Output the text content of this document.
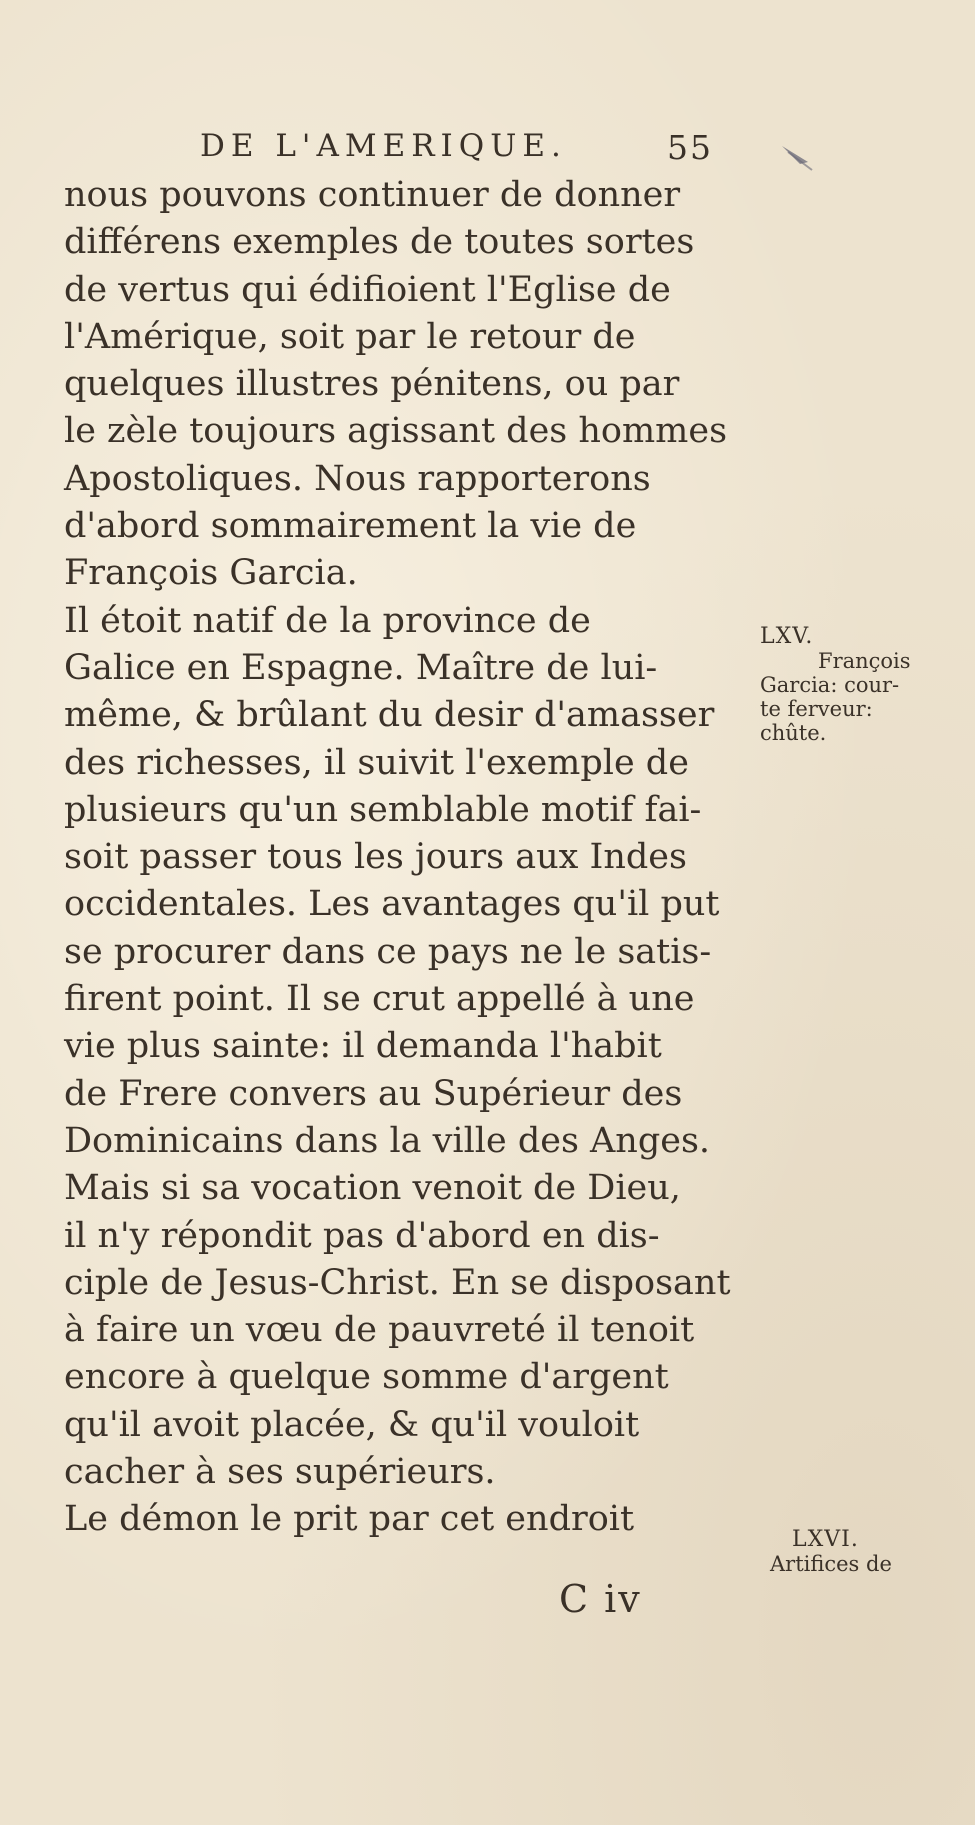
DE L'AMERIQUE.	55
nous pouvons continuer de donner
différens exemples de toutes sortes
de vertus qui édifioient l'Eglise de
l'Amérique, soit par le retour de
quelques illustres pénitens, ou par
le zèle toujours agissant des hommes
Apostoliques. Nous rapporterons
d'abord sommairement la vie de
François Garcia.
Il étoit natif de la province de
Galice en Espagne. Maître de lui-
même, & brûlant du desir d'amasser
des richesses, il suivit l'exemple de
plusieurs qu'un semblable motif fai-
soit passer tous les jours aux Indes
occidentales. Les avantages qu'il put
se procurer dans ce pays ne le satis-
firent point. Il se crut appellé à une
vie plus sainte: il demanda l'habit
de Frere convers au Supérieur des
Dominicains dans la ville des Anges.
Mais si sa vocation venoit de Dieu,
il n'y répondit pas d'abord en dis-
ciple de Jesus-Christ. En se disposant
à faire un vœu de pauvreté il tenoit
encore à quelque somme d'argent
qu'il avoit placée, & qu'il vouloit
cacher à ses supérieurs.
Le démon le prit par cet endroit
LXV.
François
Garcia: cour-
te ferveur:
chûte.
LXVI.
Artifices de
C iv
